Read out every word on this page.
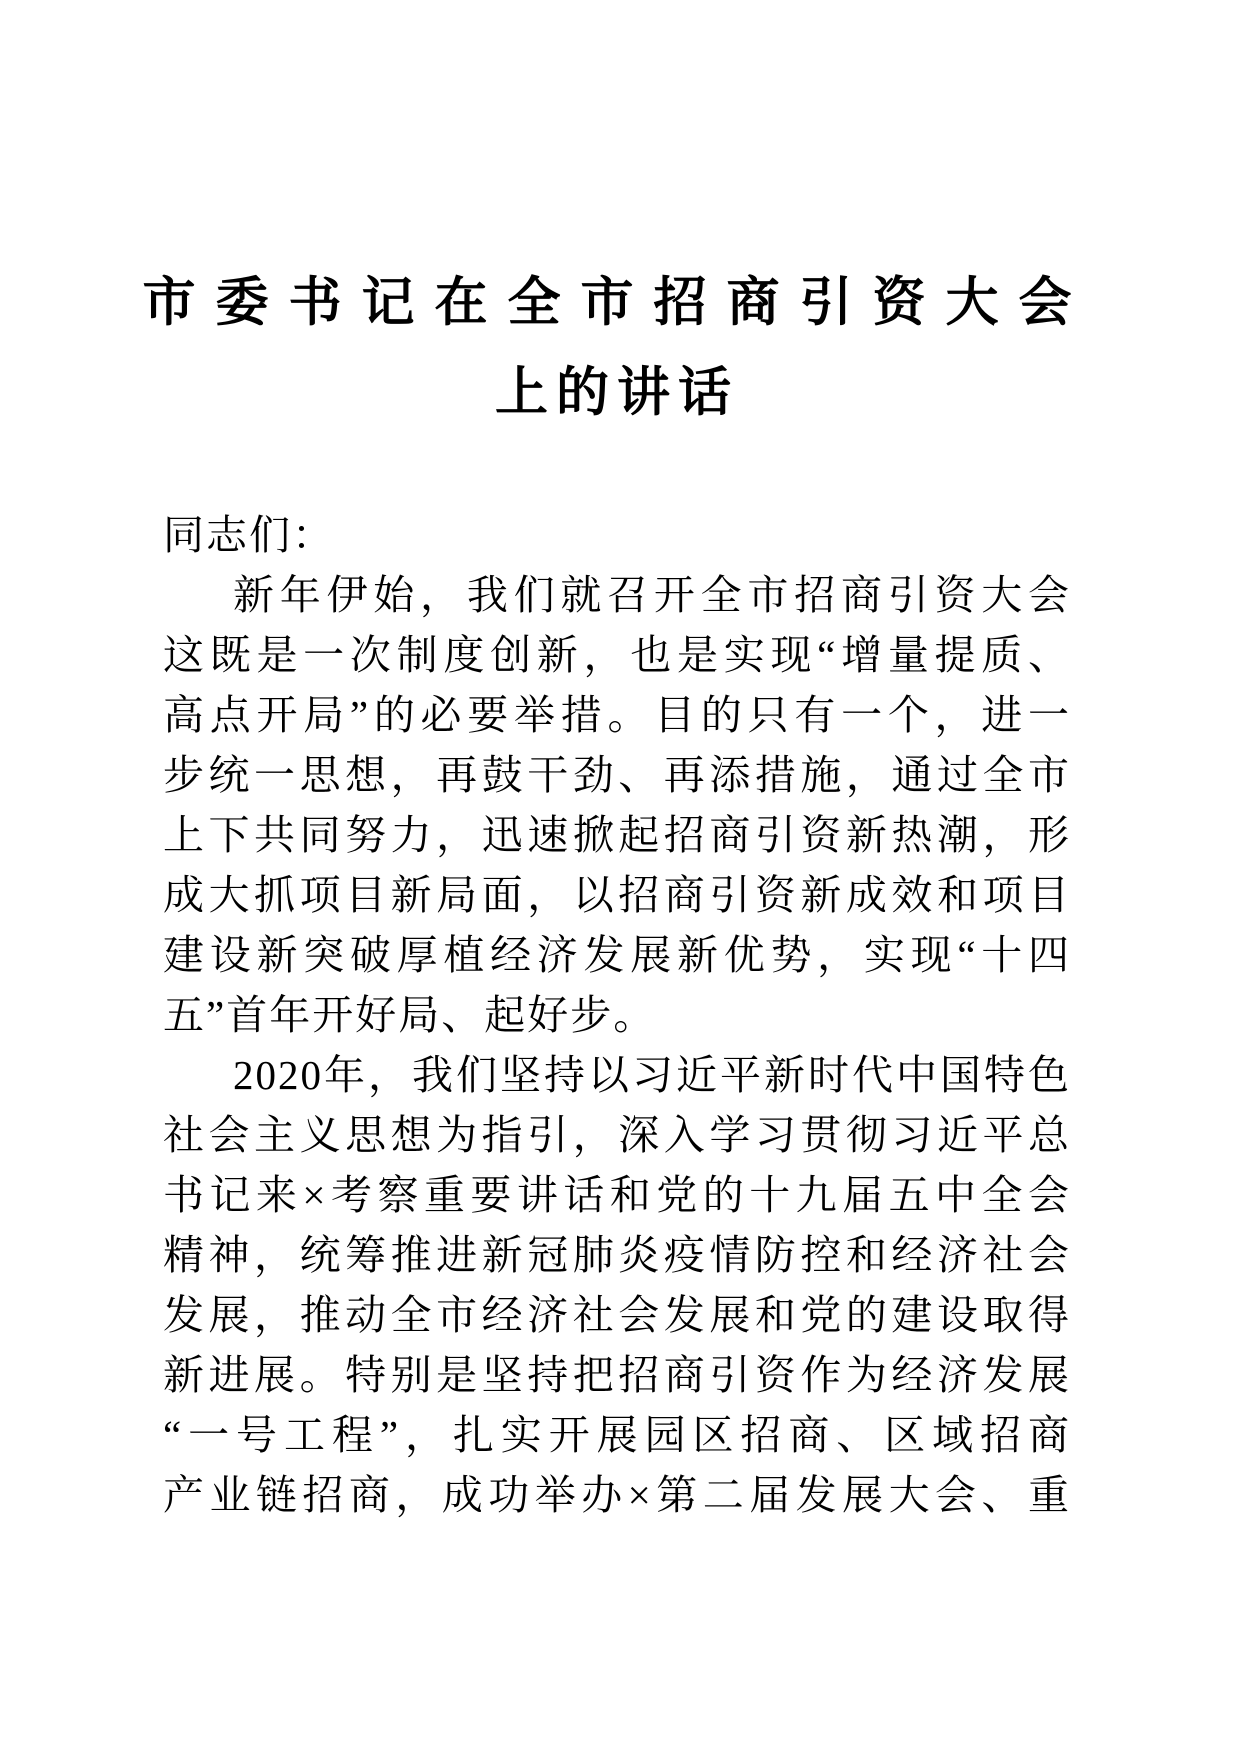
市委书记在全市招商引资大会
上的讲话
同志们：
新年伊始，我们就召开全市招商引资大会
这既是一次制度创新，也是实现“增量提质、
高点开局”的必要举措。目的只有一个，进一
步统一思想，再鼓干劲、再添措施，通过全市
上下共同努力，迅速掀起招商引资新热潮，形
成大抓项目新局面，以招商引资新成效和项目
建设新突破厚植经济发展新优势，实现“十四
五”首年开好局、起好步。
2020年，我们坚持以习近平新时代中国特色
社会主义思想为指引，深入学习贯彻习近平总
书记来×考察重要讲话和党的十九届五中全会
精神，统筹推进新冠肺炎疫情防控和经济社会
发展，推动全市经济社会发展和党的建设取得
新进展。特别是坚持把招商引资作为经济发展
“一号工程”，扎实开展园区招商、区域招商
产业链招商，成功举办×第二届发展大会、重
